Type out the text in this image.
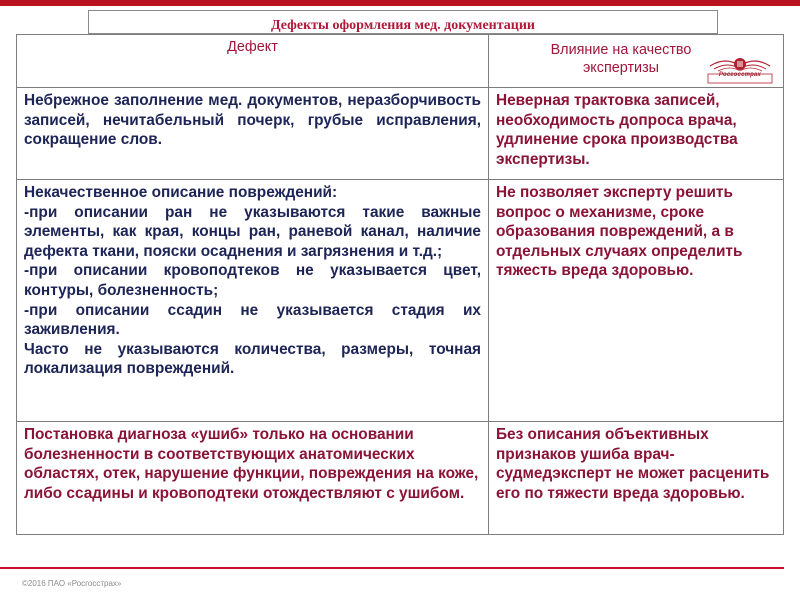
Дефекты оформления мед. документации
Дефект	Влияние на качество экспертизы Росгосстрах

Небрежное заполнение мед. документов, неразборчивость записей, нечитабельный почерк, грубые исправления, сокращение слов.	Неверная трактовка записей, необходимость допроса врача, удлинение срока производства экспертизы.

Некачественное описание повреждений:
-при описании ран не указываются такие важные элементы, как края, концы ран, раневой канал, наличие дефекта ткани, пояски осаднения и загрязнения и т.д.;
-при описании кровоподтеков не указывается цвет, контуры, болезненность;
-при описании ссадин не указывается стадия их заживления.
Часто не указываются количества, размеры, точная локализация повреждений.	Не позволяет эксперту решить вопрос о механизме, сроке образования повреждений, а в отдельных случаях определить тяжесть вреда здоровью.
Постановка диагноза «ушиб» только на основании болезненности в соответствующих анатомических областях, отек, нарушение функции, повреждения на коже, либо ссадины и кровоподтеки отождествляют с ушибом.	Без описания объективных признаков ушиба врач-судмедэксперт не может расценить его по тяжести вреда здоровью.
©2016 ПАО «Росгосстрах»
